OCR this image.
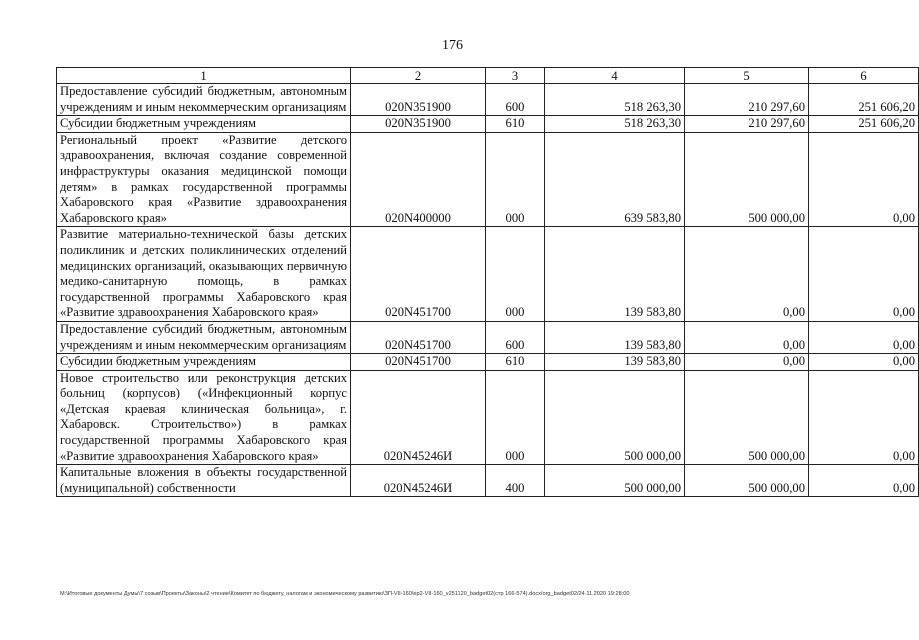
176
1	2	3	4	5	6
Предоставление субсидий бюджетным, автономным учреждениям и иным некоммерческим организациям	020N351900	600	518 263,30	210 297,60	251 606,20
Субсидии бюджетным учреждениям	020N351900	610	518 263,30	210 297,60	251 606,20
Региональный проект «Развитие детского здравоохранения, включая создание современной инфраструктуры оказания медицинской помощи детям» в рамках государственной программы Хабаровского края «Развитие здравоохранения Хабаровского края»	020N400000	000	639 583,80	500 000,00	0,00
Развитие материально-технической базы детских поликлиник и детских поликлинических отделений медицинских организаций, оказывающих первичную медико-санитарную помощь, в рамках государственной программы Хабаровского края «Развитие здравоохранения Хабаровского края»	020N451700	000	139 583,80	0,00	0,00
Предоставление субсидий бюджетным, автономным учреждениям и иным некоммерческим организациям	020N451700	600	139 583,80	0,00	0,00
Субсидии бюджетным учреждениям	020N451700	610	139 583,80	0,00	0,00
Новое строительство или реконструкция детских больниц (корпусов) («Инфекционный корпус «Детская краевая клиническая больница», г. Хабаровск. Строительство») в рамках государственной программы Хабаровского края «Развитие здравоохранения Хабаровского края»	020N45246И	000	500 000,00	500 000,00	0,00
Капитальные вложения в объекты государственной (муниципальной) собственности	020N45246И	400	500 000,00	500 000,00	0,00
M:\Итоговые документы Думы\7 созыв\Проекты\Законы\2 чтение\Комитет по бюджету, налогам и экономическому развитию\ЗП-VII-160\ер2-VII-160_v251120_badget02(стр 166-574).docx/org_badget02/24.11.2020 19:28:00
